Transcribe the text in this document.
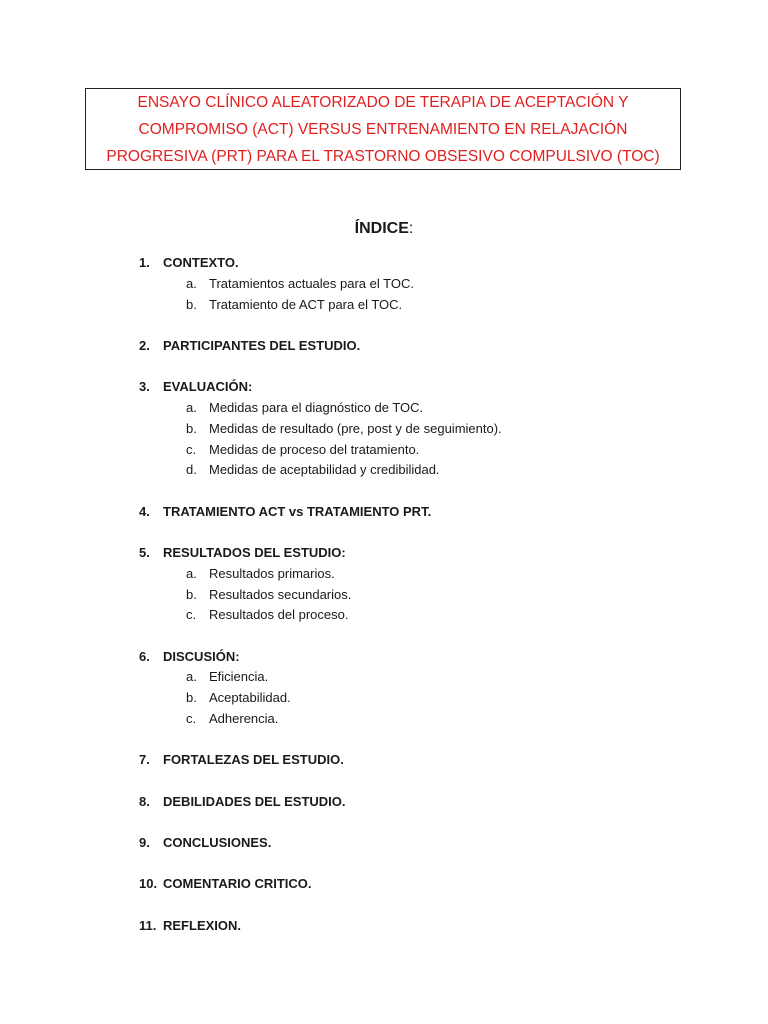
ENSAYO CLÍNICO ALEATORIZADO DE TERAPIA DE ACEPTACIÓN Y COMPROMISO (ACT) VERSUS ENTRENAMIENTO EN RELAJACIÓN PROGRESIVA (PRT) PARA EL TRASTORNO OBSESIVO COMPULSIVO (TOC)
ÍNDICE:
1.	CONTEXTO.
a. Tratamientos actuales para el TOC.
b. Tratamiento de ACT para el TOC.
2.	PARTICIPANTES DEL ESTUDIO.
3.	EVALUACIÓN:
a. Medidas para el diagnóstico de TOC.
b. Medidas de resultado (pre, post y de seguimiento).
c. Medidas de proceso del tratamiento.
d. Medidas de aceptabilidad y credibilidad.
4.	TRATAMIENTO ACT vs TRATAMIENTO PRT.
5.	RESULTADOS DEL ESTUDIO:
a. Resultados primarios.
b. Resultados secundarios.
c. Resultados del proceso.
6.	DISCUSIÓN:
a. Eficiencia.
b. Aceptabilidad.
c. Adherencia.
7.	FORTALEZAS DEL ESTUDIO.
8.	DEBILIDADES DEL ESTUDIO.
9.	CONCLUSIONES.
10. COMENTARIO CRITICO.
11. REFLEXION.
